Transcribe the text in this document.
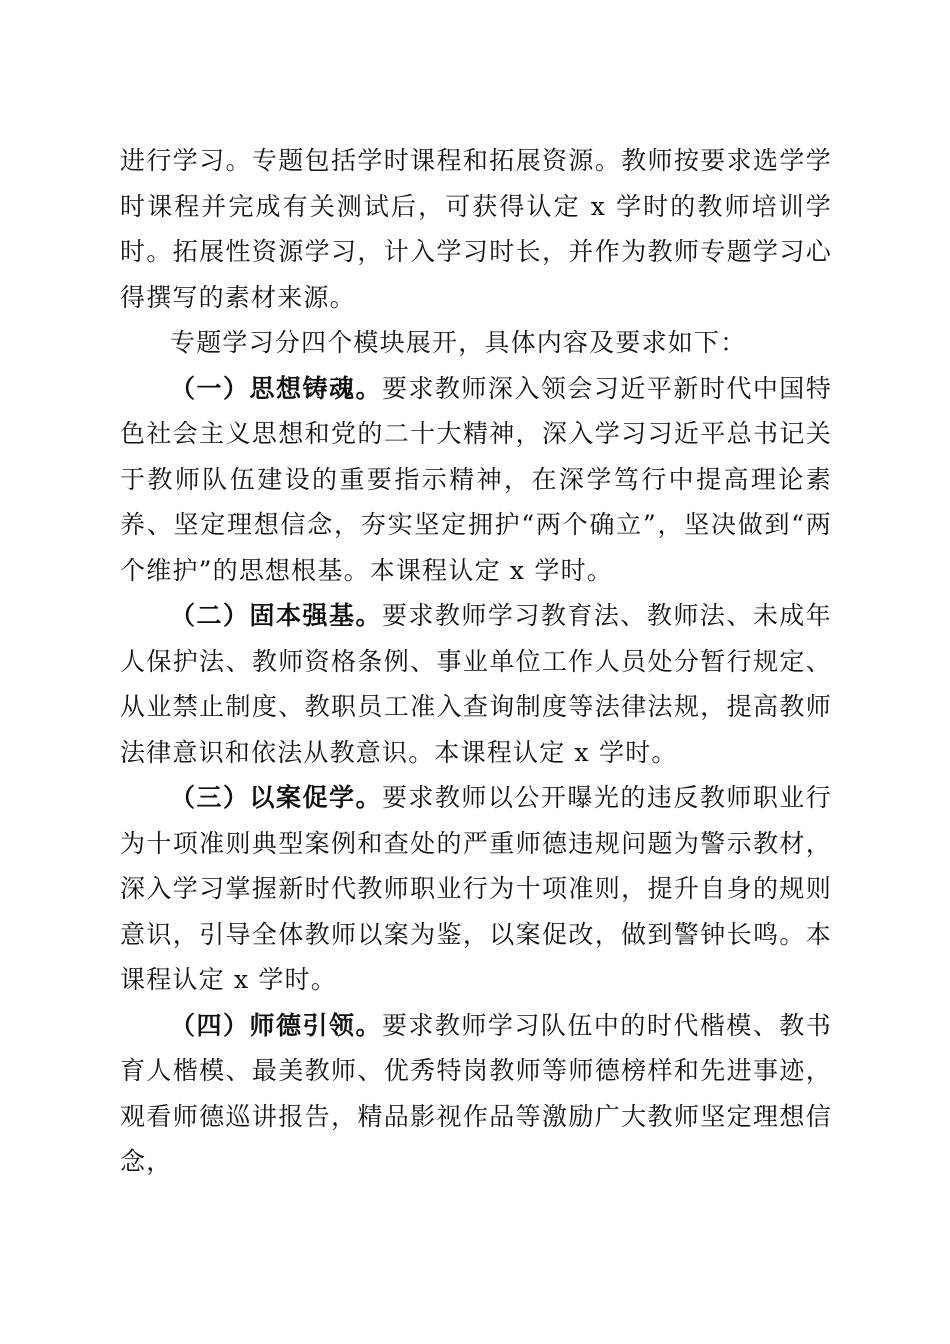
进行学习。专题包括学时课程和拓展资源。教师按要求选学学时课程并完成有关测试后，可获得认定 x 学时的教师培训学时。拓展性资源学习，计入学习时长，并作为教师专题学习心得撰写的素材来源。

专题学习分四个模块展开，具体内容及要求如下：

（一）思想铸魂。要求教师深入领会习近平新时代中国特色社会主义思想和党的二十大精神，深入学习习近平总书记关于教师队伍建设的重要指示精神，在深学笃行中提高理论素养、坚定理想信念，夯实坚定拥护“两个确立”，坚决做到“两个维护”的思想根基。本课程认定 x 学时。

（二）固本强基。要求教师学习教育法、教师法、未成年人保护法、教师资格条例、事业单位工作人员处分暂行规定、从业禁止制度、教职员工准入查询制度等法律法规，提高教师法律意识和依法从教意识。本课程认定 x 学时。

（三）以案促学。要求教师以公开曝光的违反教师职业行为十项准则典型案例和查处的严重师德违规问题为警示教材，深入学习掌握新时代教师职业行为十项准则，提升自身的规则意识，引导全体教师以案为鉴，以案促改，做到警钟长鸣。本课程认定 x 学时。

（四）师德引领。要求教师学习队伍中的时代楷模、教书育人楷模、最美教师、优秀特岗教师等师德榜样和先进事迹，观看师德巡讲报告，精品影视作品等激励广大教师坚定理想信念，
